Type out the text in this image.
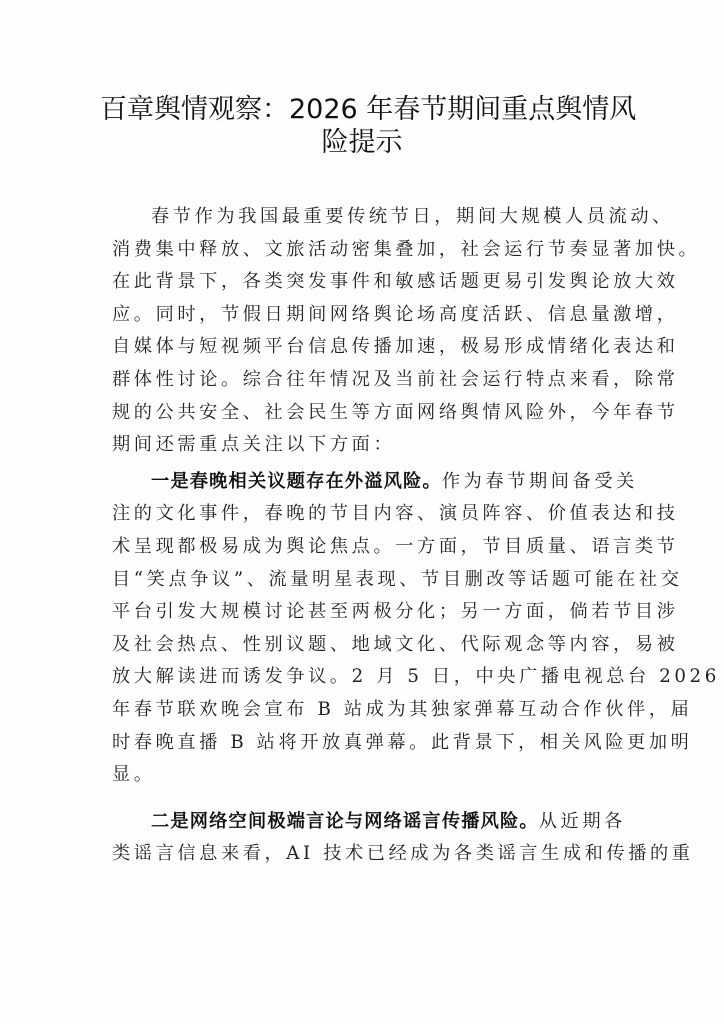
百章舆情观察：2026 年春节期间重点舆情风
险提示
春节作为我国最重要传统节日，期间大规模人员流动、
消费集中释放、文旅活动密集叠加，社会运行节奏显著加快。
在此背景下，各类突发事件和敏感话题更易引发舆论放大效
应。同时，节假日期间网络舆论场高度活跃、信息量激增，
自媒体与短视频平台信息传播加速，极易形成情绪化表达和
群体性讨论。综合往年情况及当前社会运行特点来看，除常
规的公共安全、社会民生等方面网络舆情风险外，今年春节
期间还需重点关注以下方面：
一是春晚相关议题存在外溢风险。作为春节期间备受关
注的文化事件，春晚的节目内容、演员阵容、价值表达和技
术呈现都极易成为舆论焦点。一方面，节目质量、语言类节
目“笑点争议”、流量明星表现、节目删改等话题可能在社交
平台引发大规模讨论甚至两极分化；另一方面，倘若节目涉
及社会热点、性别议题、地域文化、代际观念等内容，易被
放大解读进而诱发争议。2 月 5 日，中央广播电视总台 2026
年春节联欢晚会宣布 B 站成为其独家弹幕互动合作伙伴，届
时春晚直播 B 站将开放真弹幕。此背景下，相关风险更加明
显。
二是网络空间极端言论与网络谣言传播风险。从近期各
类谣言信息来看，AI 技术已经成为各类谣言生成和传播的重
